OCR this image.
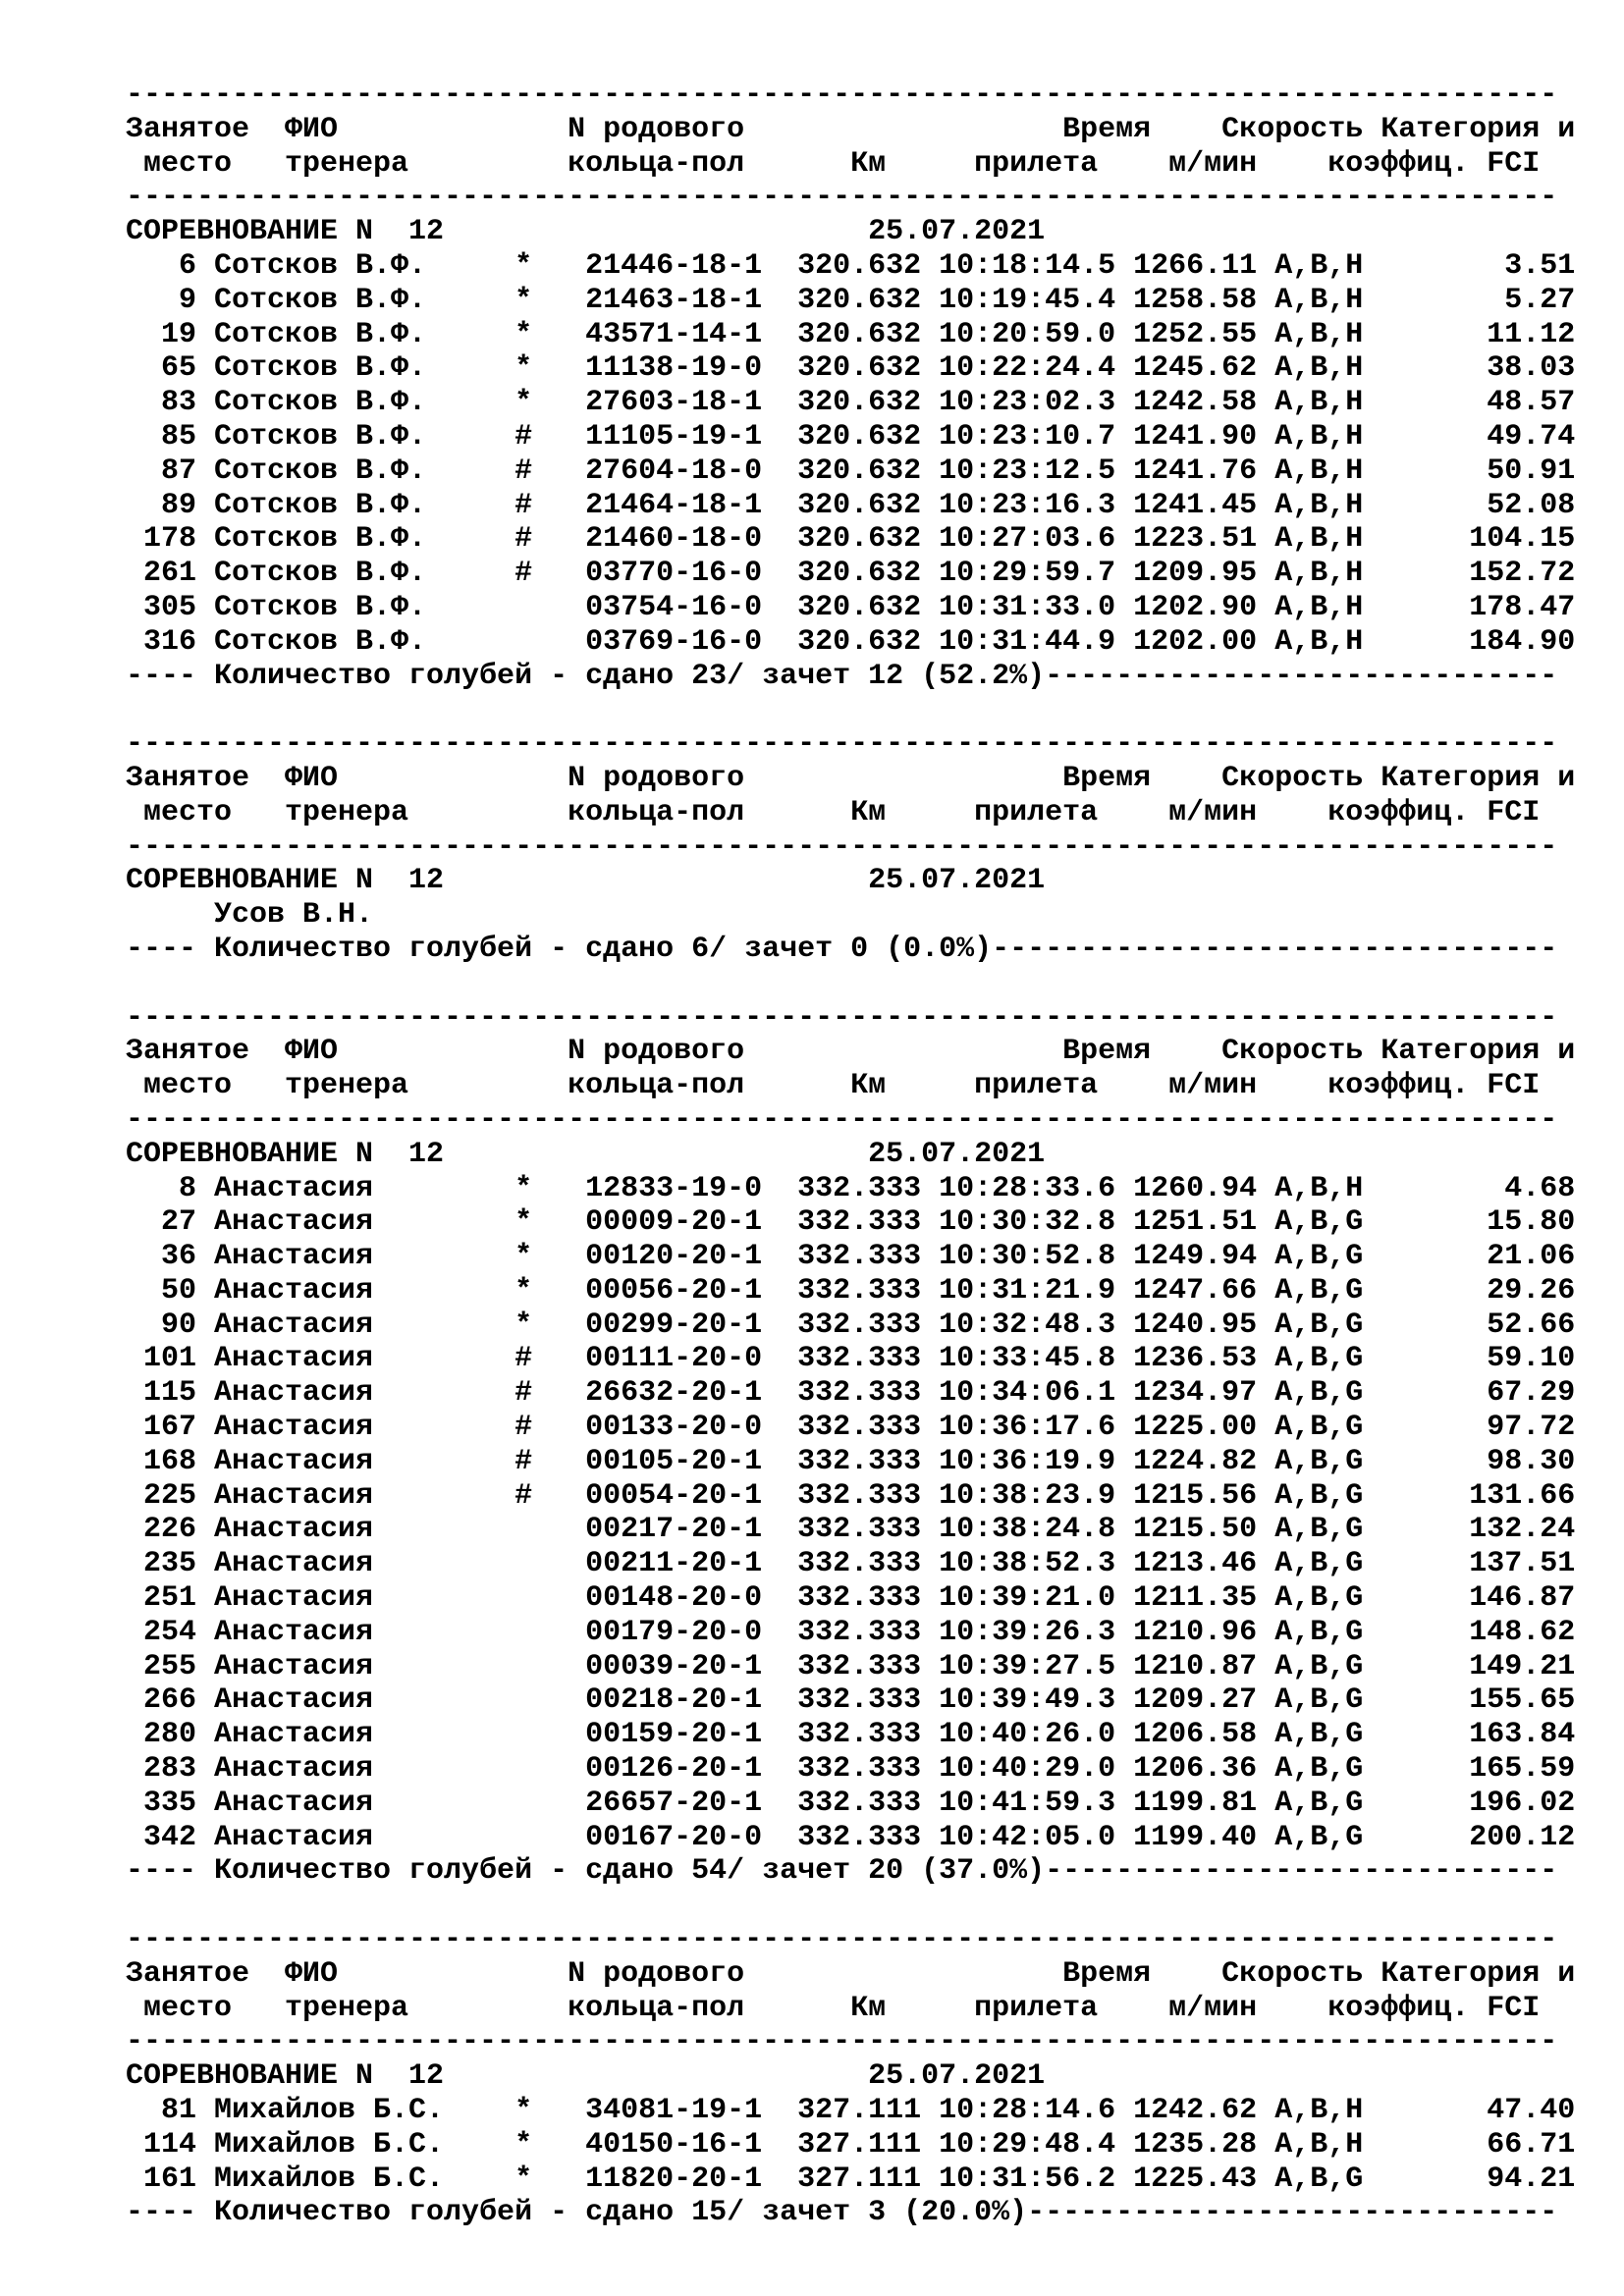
---------------------------------------------------------------------------------
Занятое  ФИО             N родового                  Время    Скорость Категория и
место   тренера         кольца-пол      Км     прилета    м/мин    коэффиц. FCI
---------------------------------------------------------------------------------
СОРЕВНОВАНИЕ N  12                        25.07.2021
6 Сотсков В.Ф.     *   21446-18-1  320.632 10:18:14.5 1266.11 A,B,H        3.51
9 Сотсков В.Ф.     *   21463-18-1  320.632 10:19:45.4 1258.58 A,B,H        5.27
19 Сотсков В.Ф.     *   43571-14-1  320.632 10:20:59.0 1252.55 A,B,H       11.12
65 Сотсков В.Ф.     *   11138-19-0  320.632 10:22:24.4 1245.62 A,B,H       38.03
83 Сотсков В.Ф.     *   27603-18-1  320.632 10:23:02.3 1242.58 A,B,H       48.57
85 Сотсков В.Ф.     #   11105-19-1  320.632 10:23:10.7 1241.90 A,B,H       49.74
87 Сотсков В.Ф.     #   27604-18-0  320.632 10:23:12.5 1241.76 A,B,H       50.91
89 Сотсков В.Ф.     #   21464-18-1  320.632 10:23:16.3 1241.45 A,B,H       52.08
178 Сотсков В.Ф.     #   21460-18-0  320.632 10:27:03.6 1223.51 A,B,H      104.15
261 Сотсков В.Ф.     #   03770-16-0  320.632 10:29:59.7 1209.95 A,B,H      152.72
305 Сотсков В.Ф.         03754-16-0  320.632 10:31:33.0 1202.90 A,B,H      178.47
316 Сотсков В.Ф.         03769-16-0  320.632 10:31:44.9 1202.00 A,B,H      184.90
---- Количество голубей - сдано 23/ зачет 12 (52.2%)-----------------------------
---------------------------------------------------------------------------------
Занятое  ФИО             N родового                  Время    Скорость Категория и
место   тренера         кольца-пол      Км     прилета    м/мин    коэффиц. FCI
---------------------------------------------------------------------------------
СОРЕВНОВАНИЕ N  12                        25.07.2021
Усов В.Н.
---- Количество голубей - сдано 6/ зачет 0 (0.0%)--------------------------------
---------------------------------------------------------------------------------
Занятое  ФИО             N родового                  Время    Скорость Категория и
место   тренера         кольца-пол      Км     прилета    м/мин    коэффиц. FCI
---------------------------------------------------------------------------------
СОРЕВНОВАНИЕ N  12                        25.07.2021
8 Анастасия        *   12833-19-0  332.333 10:28:33.6 1260.94 A,B,H        4.68
27 Анастасия        *   00009-20-1  332.333 10:30:32.8 1251.51 A,B,G       15.80
36 Анастасия        *   00120-20-1  332.333 10:30:52.8 1249.94 A,B,G       21.06
50 Анастасия        *   00056-20-1  332.333 10:31:21.9 1247.66 A,B,G       29.26
90 Анастасия        *   00299-20-1  332.333 10:32:48.3 1240.95 A,B,G       52.66
101 Анастасия        #   00111-20-0  332.333 10:33:45.8 1236.53 A,B,G       59.10
115 Анастасия        #   26632-20-1  332.333 10:34:06.1 1234.97 A,B,G       67.29
167 Анастасия        #   00133-20-0  332.333 10:36:17.6 1225.00 A,B,G       97.72
168 Анастасия        #   00105-20-1  332.333 10:36:19.9 1224.82 A,B,G       98.30
225 Анастасия        #   00054-20-1  332.333 10:38:23.9 1215.56 A,B,G      131.66
226 Анастасия            00217-20-1  332.333 10:38:24.8 1215.50 A,B,G      132.24
235 Анастасия            00211-20-1  332.333 10:38:52.3 1213.46 A,B,G      137.51
251 Анастасия            00148-20-0  332.333 10:39:21.0 1211.35 A,B,G      146.87
254 Анастасия            00179-20-0  332.333 10:39:26.3 1210.96 A,B,G      148.62
255 Анастасия            00039-20-1  332.333 10:39:27.5 1210.87 A,B,G      149.21
266 Анастасия            00218-20-1  332.333 10:39:49.3 1209.27 A,B,G      155.65
280 Анастасия            00159-20-1  332.333 10:40:26.0 1206.58 A,B,G      163.84
283 Анастасия            00126-20-1  332.333 10:40:29.0 1206.36 A,B,G      165.59
335 Анастасия            26657-20-1  332.333 10:41:59.3 1199.81 A,B,G      196.02
342 Анастасия            00167-20-0  332.333 10:42:05.0 1199.40 A,B,G      200.12
---- Количество голубей - сдано 54/ зачет 20 (37.0%)-----------------------------
---------------------------------------------------------------------------------
Занятое  ФИО             N родового                  Время    Скорость Категория и
место   тренера         кольца-пол      Км     прилета    м/мин    коэффиц. FCI
---------------------------------------------------------------------------------
СОРЕВНОВАНИЕ N  12                        25.07.2021
81 Михайлов Б.С.    *   34081-19-1  327.111 10:28:14.6 1242.62 A,B,H       47.40
114 Михайлов Б.С.    *   40150-16-1  327.111 10:29:48.4 1235.28 A,B,H       66.71
161 Михайлов Б.С.    *   11820-20-1  327.111 10:31:56.2 1225.43 A,B,G       94.21
---- Количество голубей - сдано 15/ зачет 3 (20.0%)------------------------------
